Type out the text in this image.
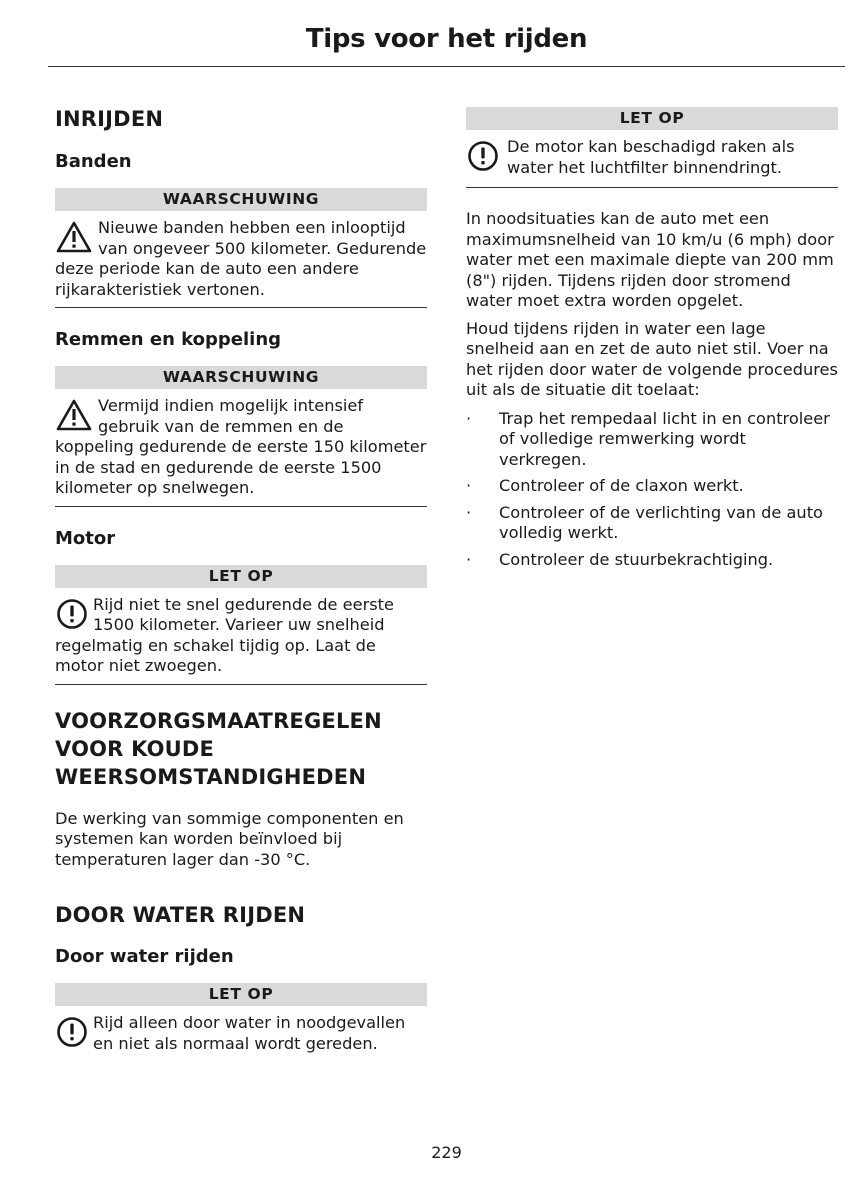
Tips voor het rijden
INRIJDEN
Banden
WAARSCHUWING
Nieuwe banden hebben een inlooptijd van ongeveer 500 kilometer. Gedurende deze periode kan de auto een andere rijkarakteristiek vertonen.
Remmen en koppeling
WAARSCHUWING
Vermijd indien mogelijk intensief gebruik van de remmen en de koppeling gedurende de eerste 150 kilometer in de stad en gedurende de eerste 1500 kilometer op snelwegen.
Motor
LET OP
Rijd niet te snel gedurende de eerste 1500 kilometer. Varieer uw snelheid regelmatig en schakel tijdig op. Laat de motor niet zwoegen.
VOORZORGSMAATREGELEN VOOR KOUDE WEERSOMSTANDIGHEDEN

De werking van sommige componenten en systemen kan worden beïnvloed bij temperaturen lager dan -30 °C.

DOOR WATER RIJDEN
Door water rijden
LET OP
Rijd alleen door water in noodgevallen en niet als normaal wordt gereden.
LET OP
De motor kan beschadigd raken als water het luchtfilter binnendringt.

In noodsituaties kan de auto met een maximumsnelheid van 10 km/u (6 mph) door water met een maximale diepte van 200 mm (8") rijden. Tijdens rijden door stromend water moet extra worden opgelet.

Houd tijdens rijden in water een lage snelheid aan en zet de auto niet stil. Voer na het rijden door water de volgende procedures uit als de situatie dit toelaat:

· Trap het rempedaal licht in en controleer of volledige remwerking wordt verkregen.
· Controleer of de claxon werkt.
· Controleer of de verlichting van de auto volledig werkt.
· Controleer de stuurbekrachtiging.
229
